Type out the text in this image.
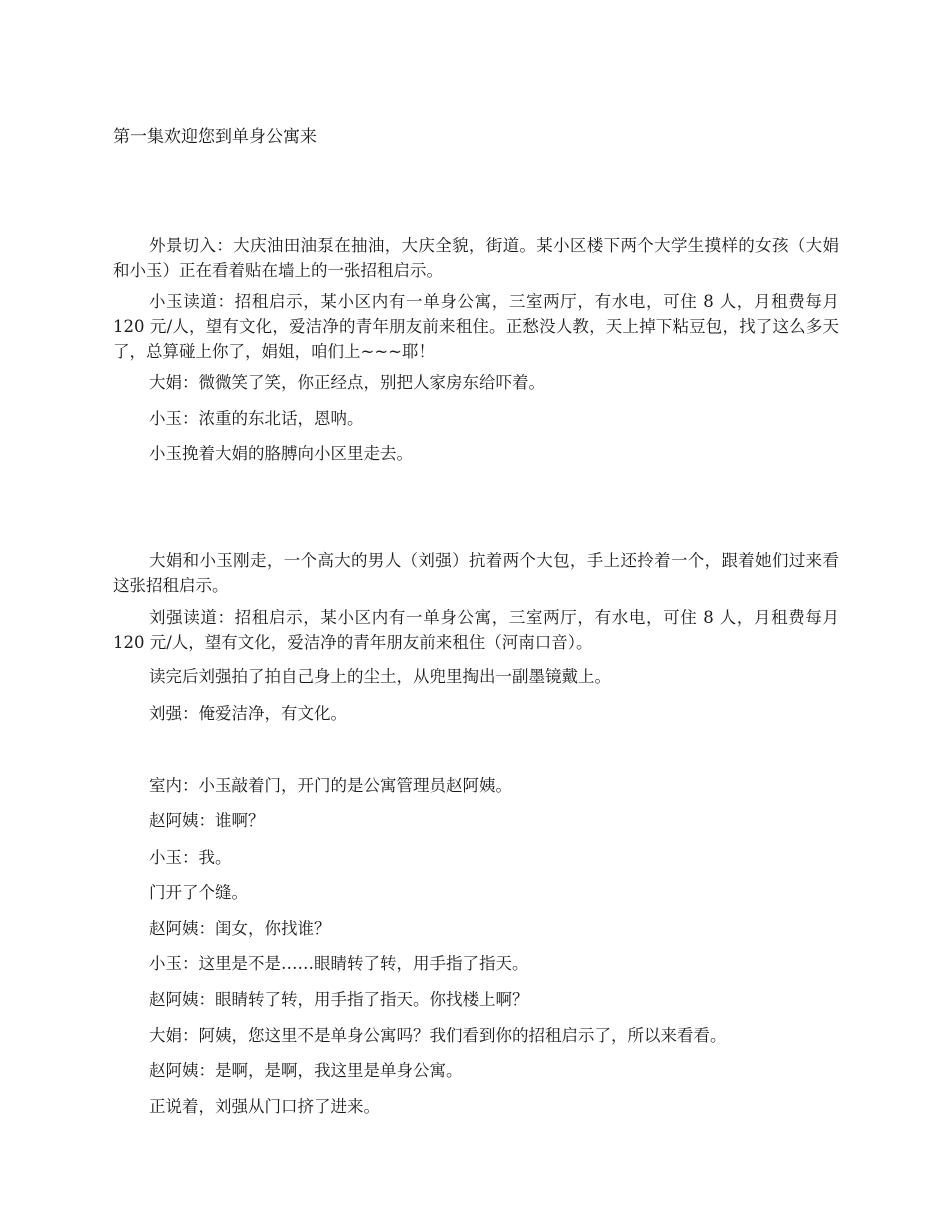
第一集欢迎您到单身公寓来

外景切入：大庆油田油泵在抽油，大庆全貌，街道。某小区楼下两个大学生摸样的女孩（大娟和小玉）正在看着贴在墙上的一张招租启示。

小玉读道：招租启示，某小区内有一单身公寓，三室两厅，有水电，可住 8 人，月租费每月 120 元/人，望有文化，爱洁净的青年朋友前来租住。正愁没人教，天上掉下粘豆包，找了这么多天了，总算碰上你了，娟姐，咱们上~~~耶！

大娟：微微笑了笑，你正经点，别把人家房东给吓着。

小玉：浓重的东北话，恩呐。

小玉挽着大娟的胳膊向小区里走去。

大娟和小玉刚走，一个高大的男人（刘强）抗着两个大包，手上还拎着一个，跟着她们过来看这张招租启示。

刘强读道：招租启示，某小区内有一单身公寓，三室两厅，有水电，可住 8 人，月租费每月 120 元/人，望有文化，爱洁净的青年朋友前来租住（河南口音）。

读完后刘强拍了拍自己身上的尘土，从兜里掏出一副墨镜戴上。

刘强：俺爱洁净，有文化。

室内：小玉敲着门，开门的是公寓管理员赵阿姨。

赵阿姨：谁啊？

小玉：我。

门开了个缝。

赵阿姨：闺女，你找谁？

小玉：这里是不是……眼睛转了转，用手指了指天。

赵阿姨：眼睛转了转，用手指了指天。你找楼上啊？

大娟：阿姨，您这里不是单身公寓吗？我们看到你的招租启示了，所以来看看。

赵阿姨：是啊，是啊，我这里是单身公寓。

正说着，刘强从门口挤了进来。
